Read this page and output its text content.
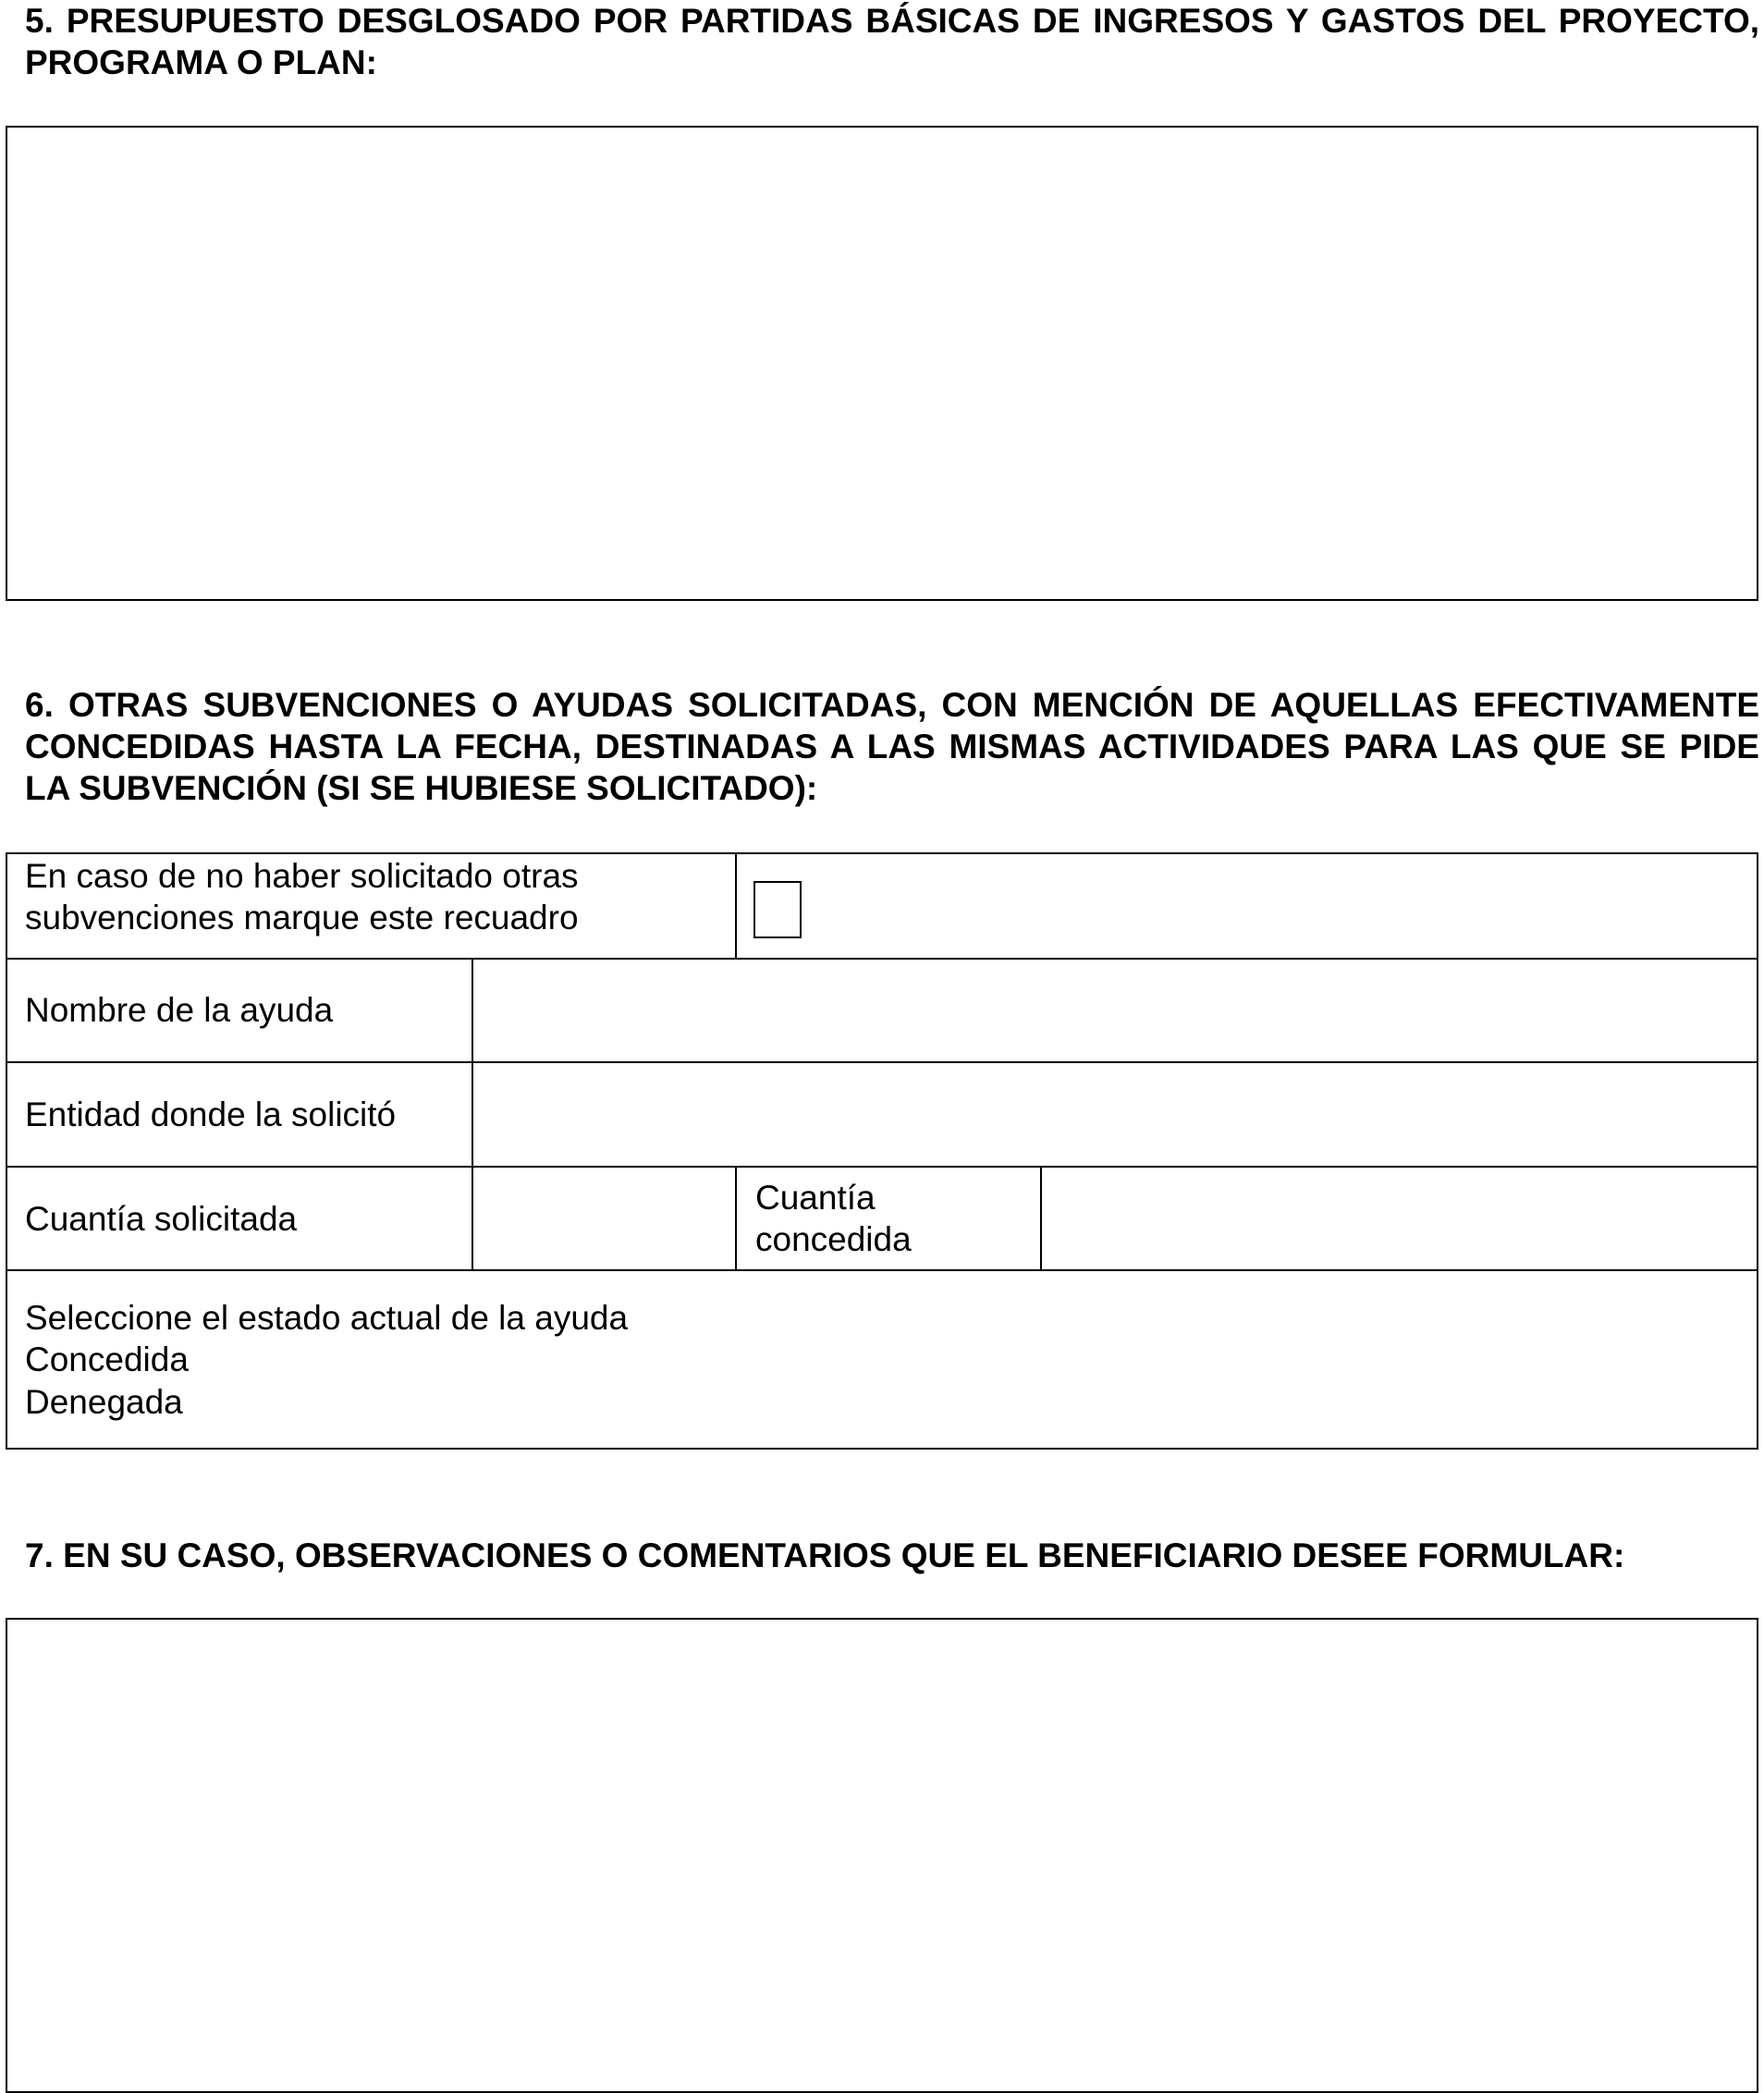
5. PRESUPUESTO DESGLOSADO POR PARTIDAS BÁSICAS DE INGRESOS Y GASTOS DEL PROYECTO, PROGRAMA O PLAN:
6. OTRAS SUBVENCIONES O AYUDAS SOLICITADAS, CON MENCIÓN DE AQUELLAS EFECTIVAMENTE CONCEDIDAS HASTA LA FECHA, DESTINADAS A LAS MISMAS ACTIVIDADES PARA LAS QUE SE PIDE LA SUBVENCIÓN (SI SE HUBIESE SOLICITADO):

En caso de no haber solicitado otras

subvenciones marque este recuadro

Nombre de la ayuda

Entidad donde la solicitó

Cuantía solicitada

Cuantía

concedida

Seleccione el estado actual de la ayuda

Concedida

Denegada

7. EN SU CASO, OBSERVACIONES O COMENTARIOS QUE EL BENEFICIARIO DESEE FORMULAR:
